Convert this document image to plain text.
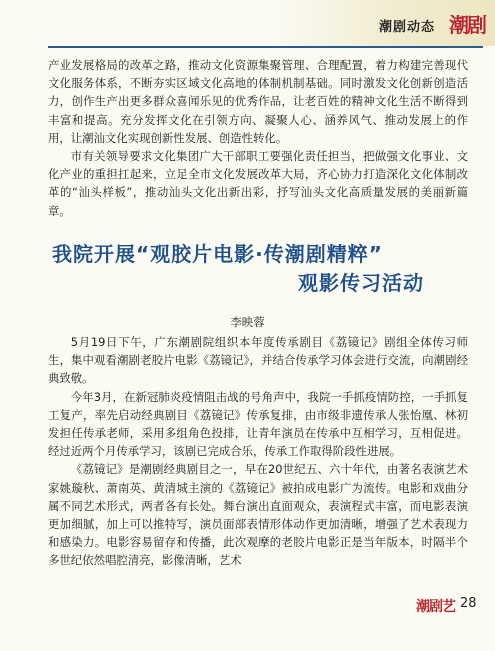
潮剧动态 潮剧

产业发展格局的改革之路，推动文化资源集聚管理、合理配置，着力构建完善现代文化服务体系，不断夯实区域文化高地的体制机制基础。同时激发文化创新创造活力，创作生产出更多群众喜闻乐见的优秀作品，让老百姓的精神文化生活不断得到丰富和提高。充分发挥文化在引领方向、凝聚人心、涵养风气、推动发展上的作用，让潮汕文化实现创新性发展、创造性转化。

市有关领导要求文化集团广大干部职工要强化责任担当，把做强文化事业、文化产业的重担扛起来，立足全市文化发展改革大局，齐心协力打造深化文化体制改革的“汕头样板”，推动汕头文化出新出彩，抒写汕头文化高质量发展的美丽新篇章。

我院开展“观胶片电影·传潮剧精粹”
观影传习活动
李映蓉

5月19日下午，广东潮剧院组织本年度传承剧目《荔镜记》剧组全体传习师生，集中观看潮剧老胶片电影《荔镜记》，并结合传承学习体会进行交流，向潮剧经典致敬。

今年3月，在新冠肺炎疫情阻击战的号角声中，我院一手抓疫情防控，一手抓复工复产，率先启动经典剧目《荔镜记》传承复排，由市级非遗传承人张怡凰、林初发担任传承老师，采用多组角色投排，让青年演员在传承中互相学习，互相促进。经过近两个月传承学习，该剧已完成合乐，传承工作取得阶段性进展。

《荔镜记》是潮剧经典剧目之一，早在20世纪五、六十年代，由著名表演艺术家姚璇秋、萧南英、黄清城主演的《荔镜记》被拍成电影广为流传。电影和戏曲分属不同艺术形式，两者各有长处。舞台演出直面观众，表演程式丰富，而电影表演更加细腻，加上可以推特写，演员面部表情形体动作更加清晰，增强了艺术表现力和感染力。电影容易留存和传播，此次观摩的老胶片电影正是当年版本，时隔半个多世纪依然唱腔清亮，影像清晰，艺术

潮剧艺 28
